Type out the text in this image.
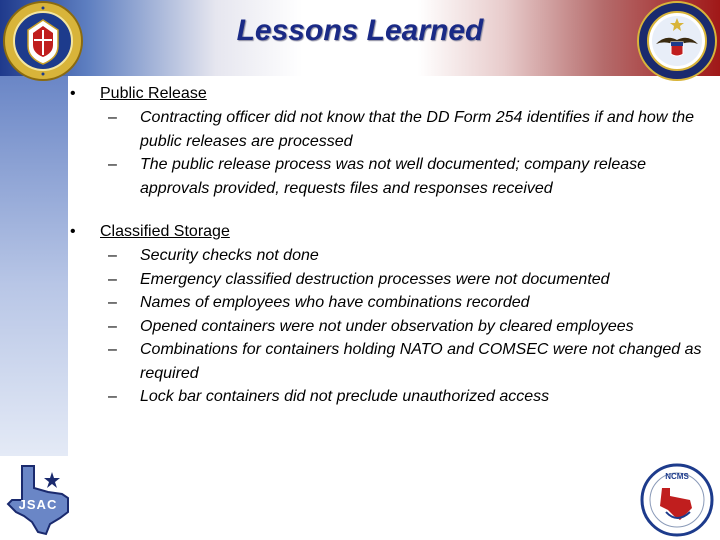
Lessons Learned
• Public Release
– Contracting officer did not know that the DD Form 254 identifies if and how the public releases are processed
– The public release process was not well documented; company release approvals provided, requests files and responses received
• Classified Storage
– Security checks not done
– Emergency classified destruction processes were not documented
– Names of employees who have combinations recorded
– Opened containers were not under observation by cleared employees
– Combinations for containers holding NATO and COMSEC were not changed as required
– Lock bar containers did not preclude unauthorized access
JSAC
NCMS
